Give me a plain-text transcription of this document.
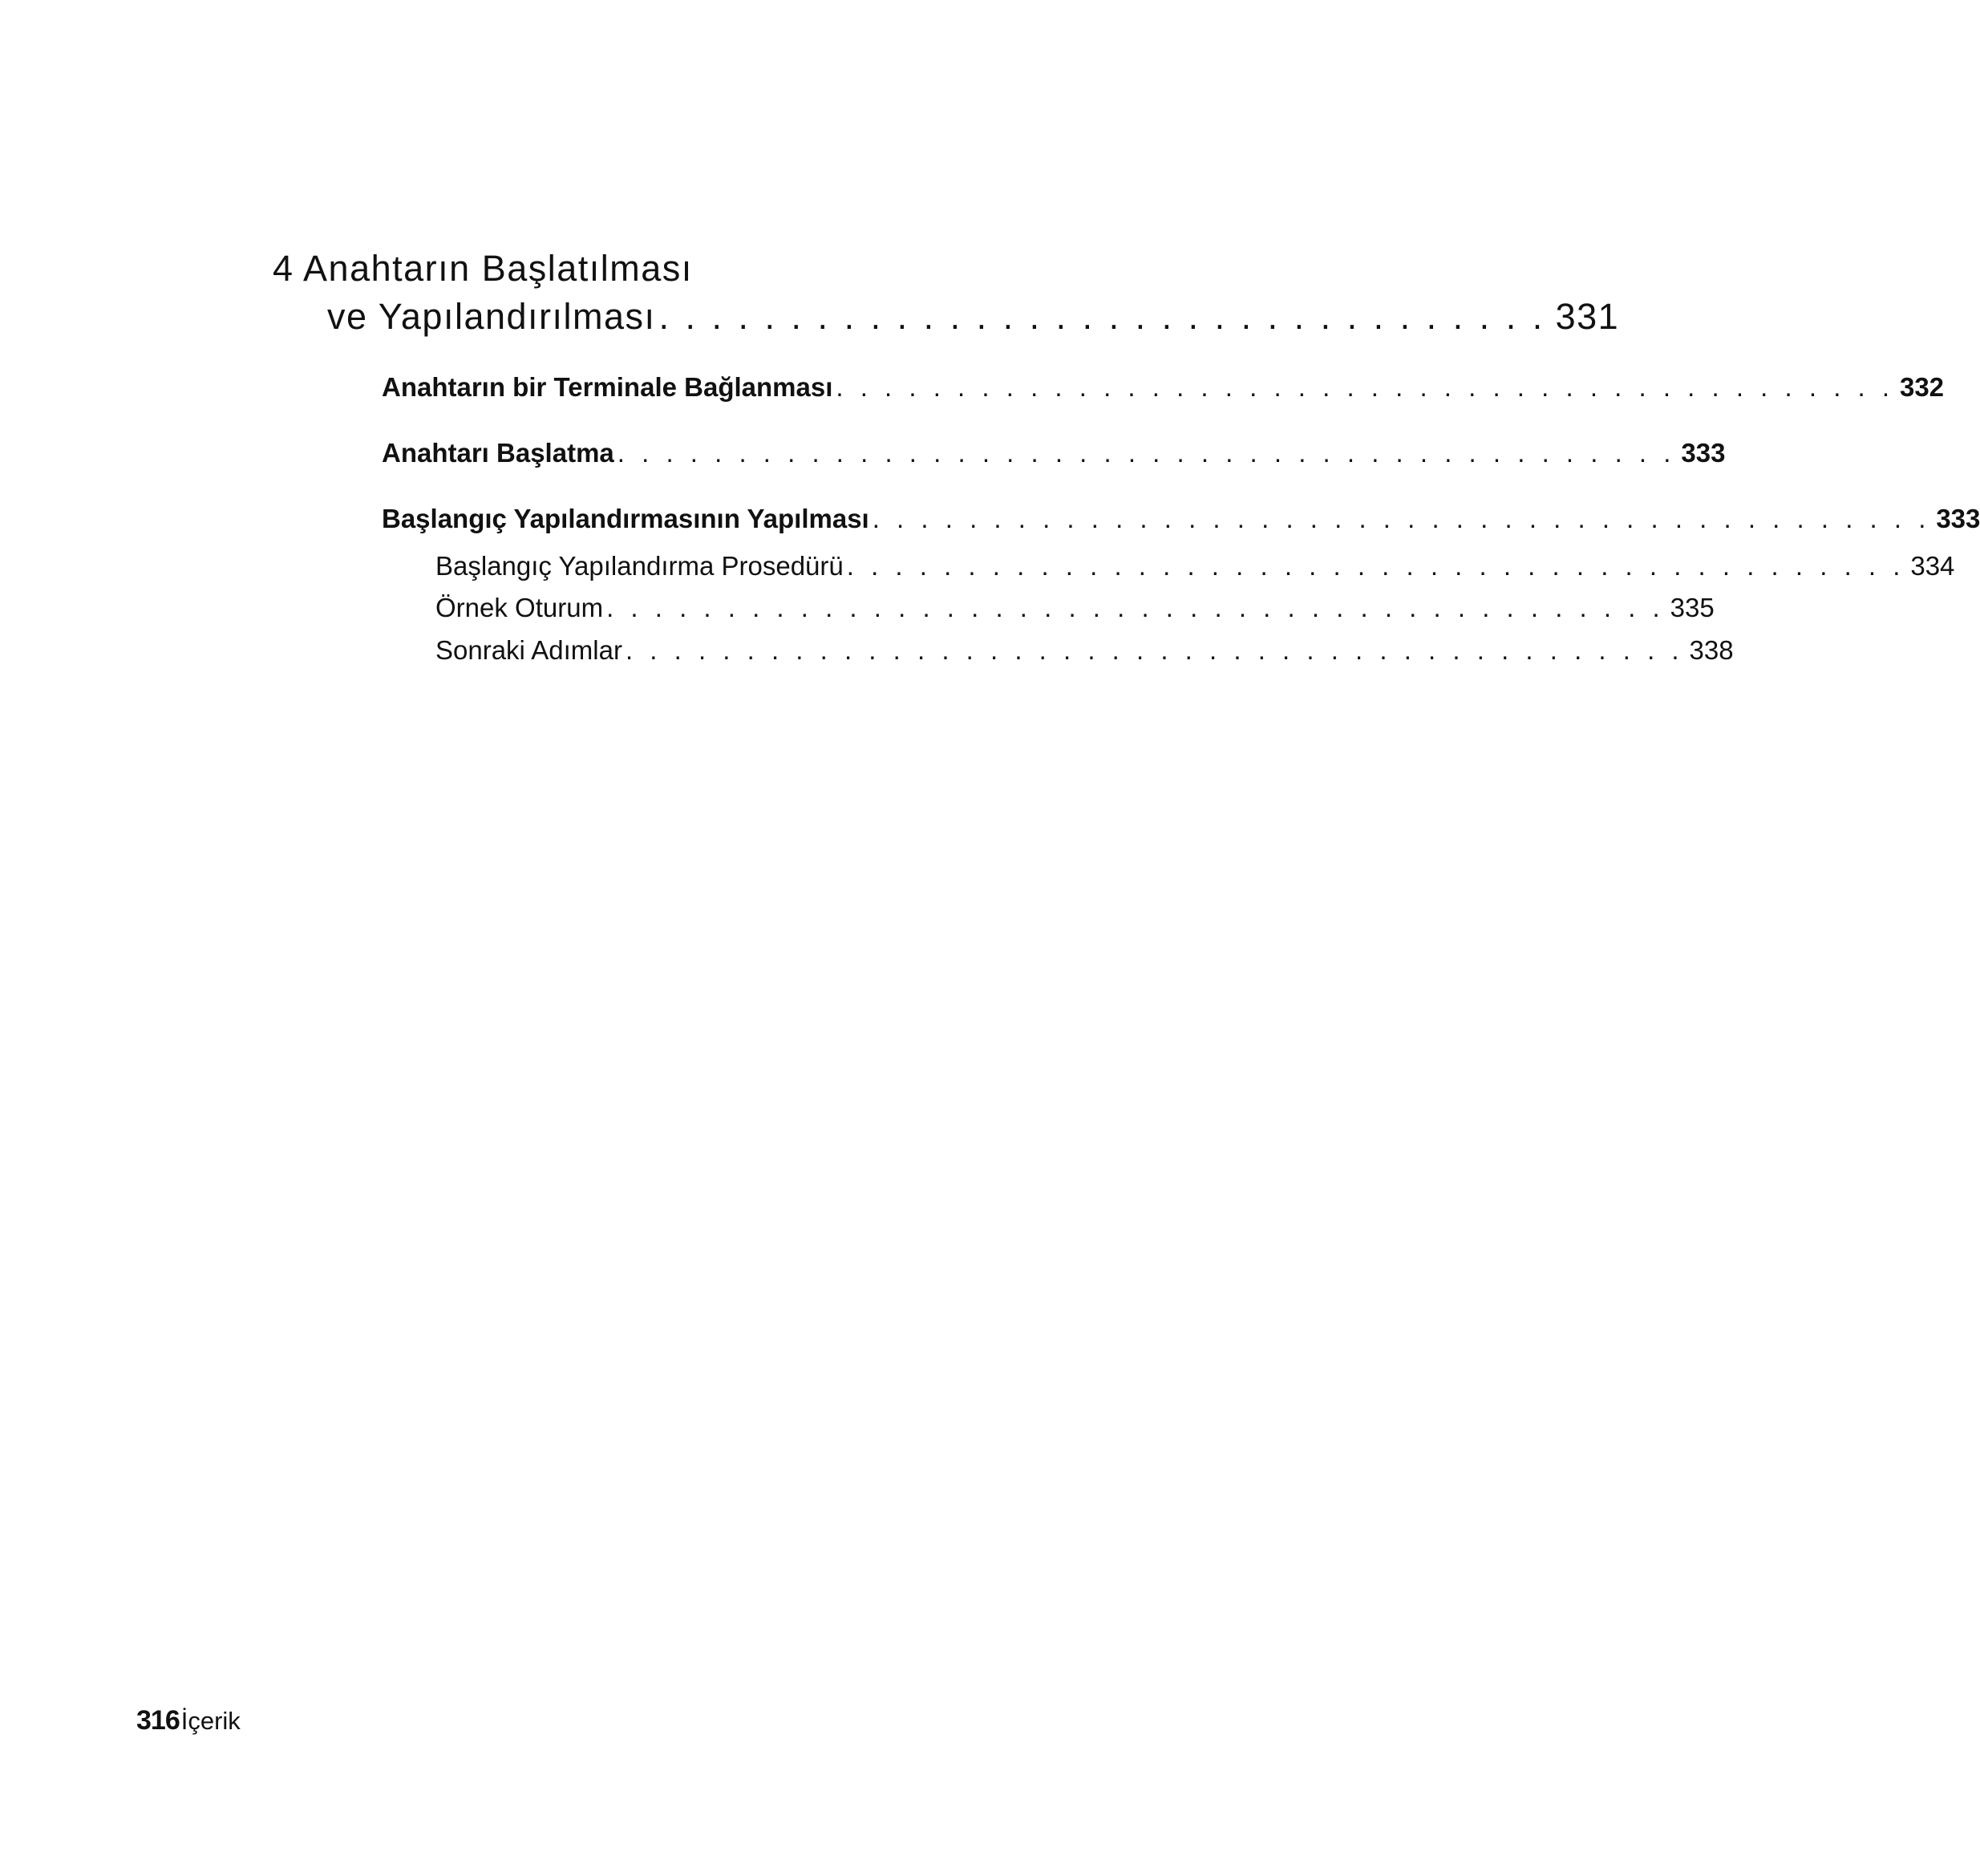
4 Anahtarın Başlatılması
ve Yapılandırılması . . . . . . . . . . . . . . . . . . . . . . . . . . . . . . . . . . 331
Anahtarın bir Terminale Bağlanması . . . . . . . . . . . . . . . . . . . . . . . . . . . . . . . . . . . . . . . . . . . . 332
Anahtarı Başlatma . . . . . . . . . . . . . . . . . . . . . . . . . . . . . . . . . . . . . . . . . . . . 333
Başlangıç Yapılandırmasının Yapılması . . . . . . . . . . . . . . . . . . . . . . . . . . . . . . . . . . . . . . . . . . . . 333
Başlangıç Yapılandırma Prosedürü . . . . . . . . . . . . . . . . . . . . . . . . . . . . . . . . . . . . . . . . . . . . 334
Örnek Oturum . . . . . . . . . . . . . . . . . . . . . . . . . . . . . . . . . . . . . . . . . . . . 335
Sonraki Adımlar . . . . . . . . . . . . . . . . . . . . . . . . . . . . . . . . . . . . . . . . . . . . 338
316İçerik
